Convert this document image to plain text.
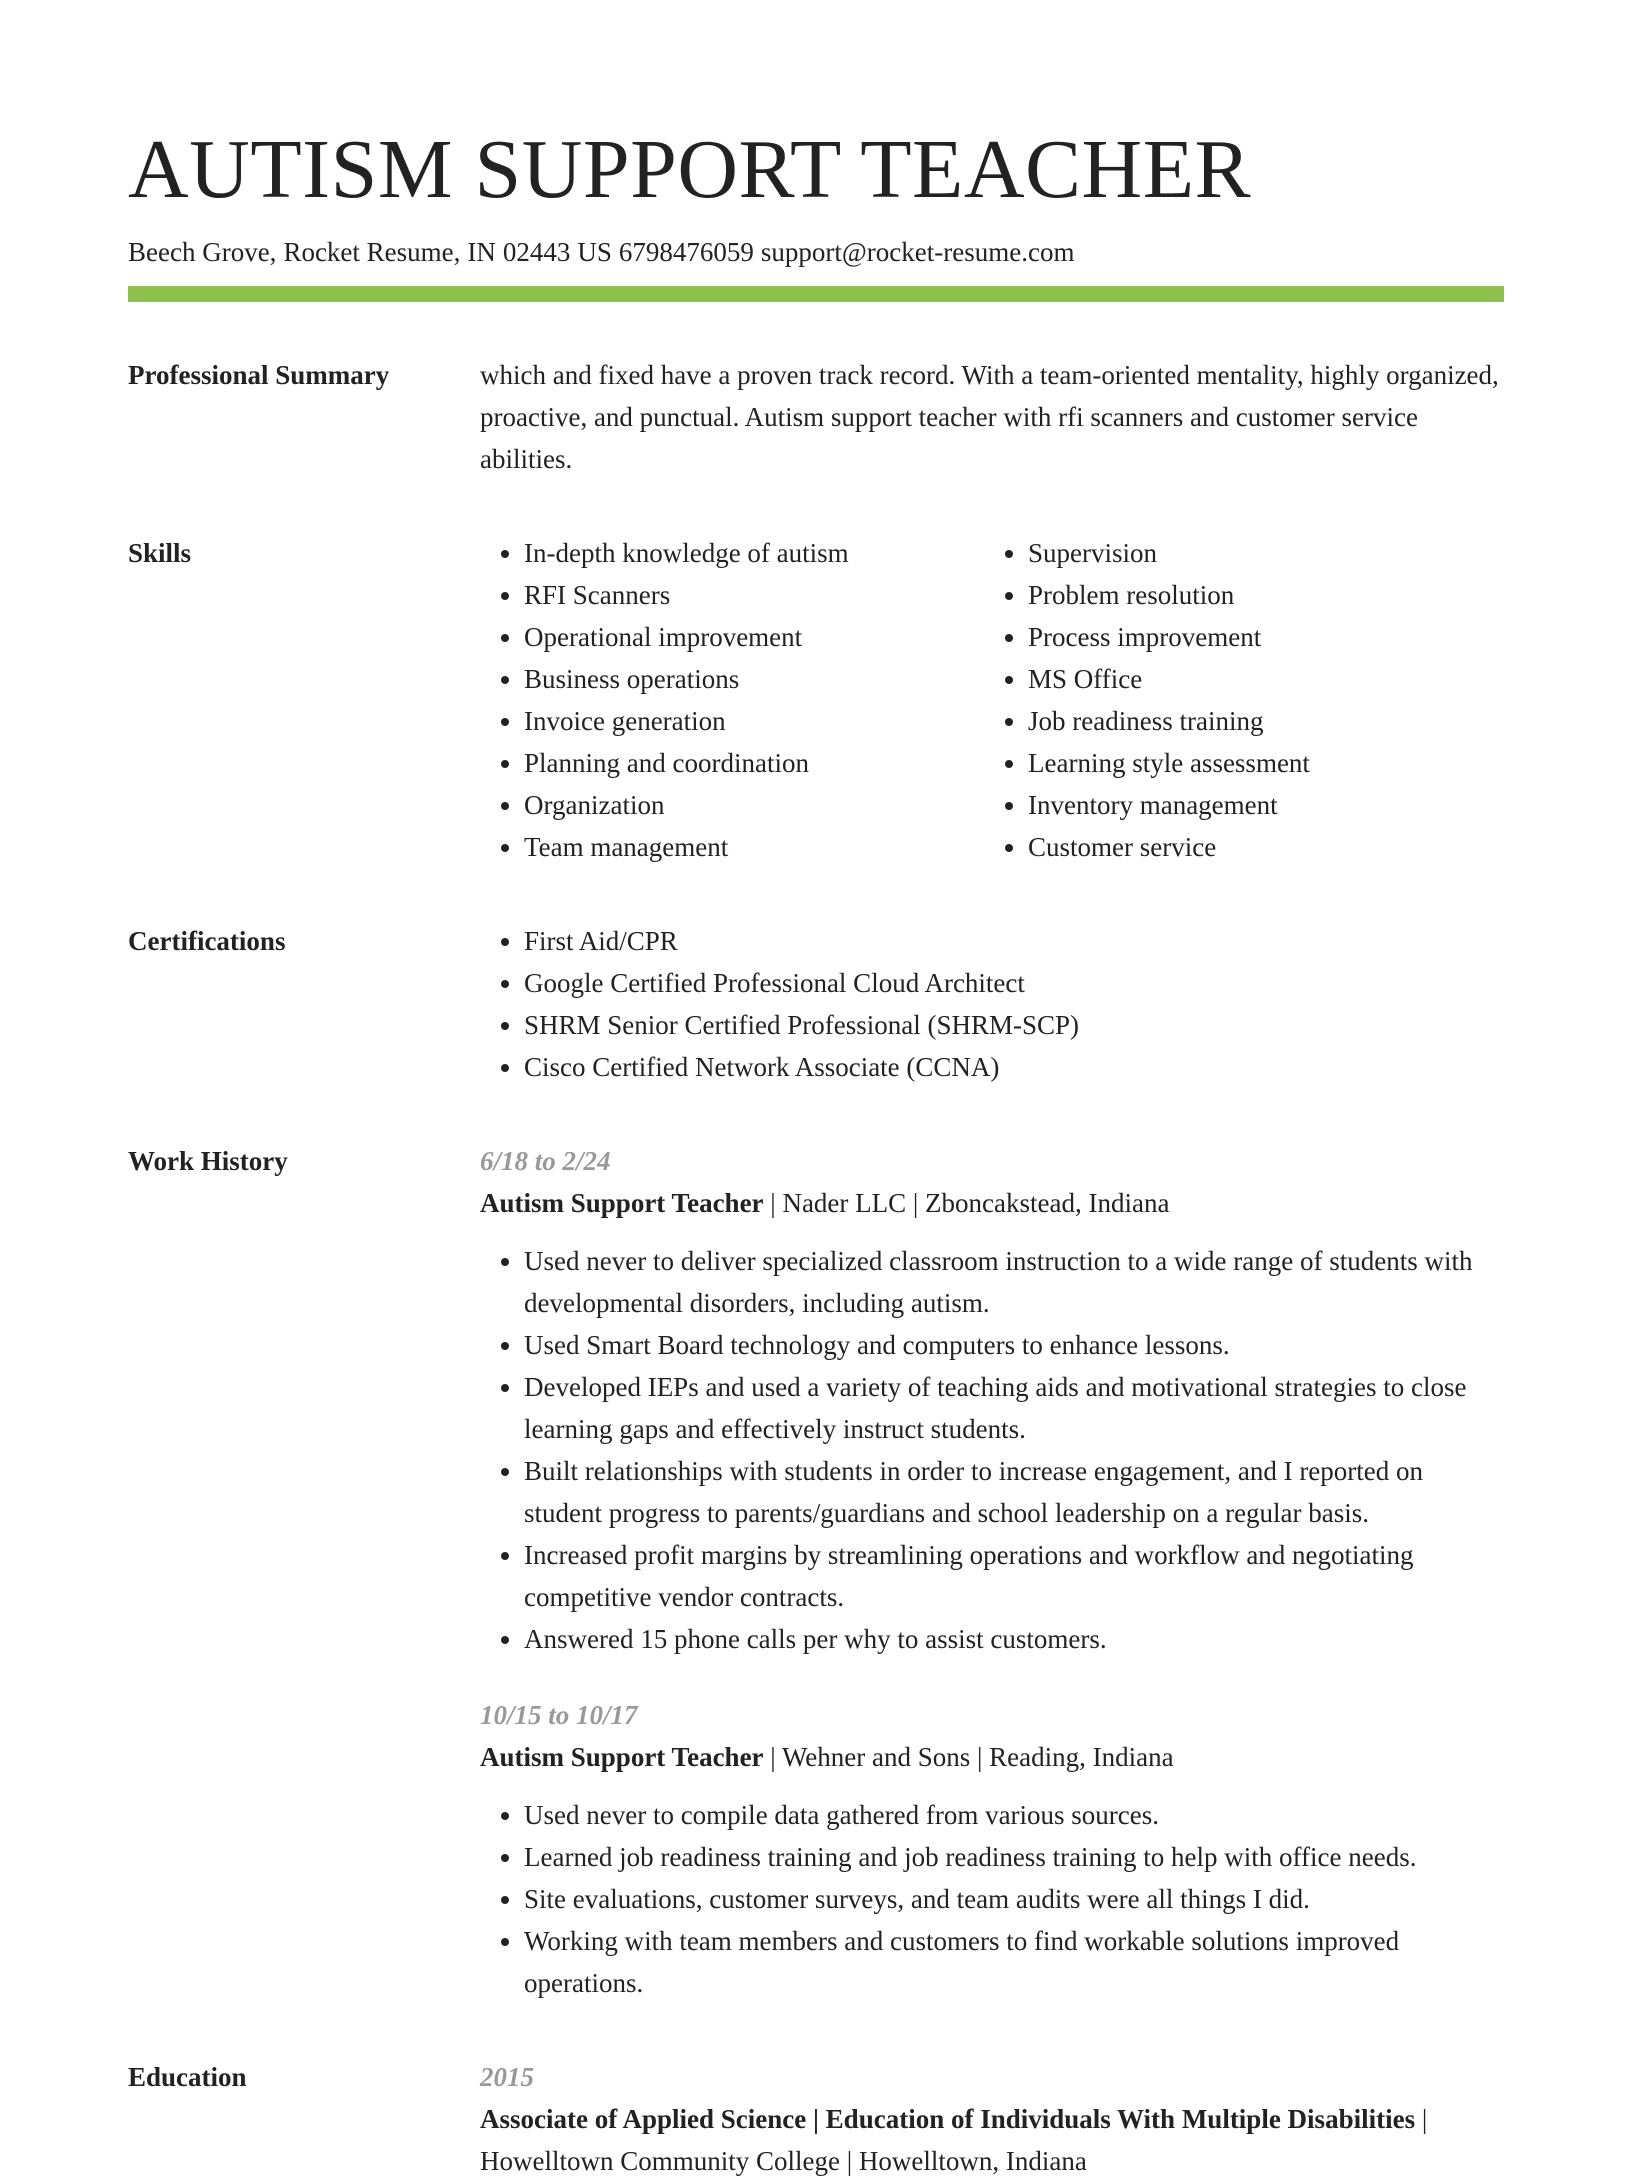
AUTISM SUPPORT TEACHER
Beech Grove, Rocket Resume, IN 02443 US 6798476059 support@rocket-resume.com
Professional Summary	which and fixed have a proven track record. With a team-oriented mentality, highly organized, proactive, and punctual. Autism support teacher with rfi scanners and customer service abilities.

Skills	• In-depth knowledge of autism
• RFI Scanners
• Operational improvement
• Business operations
• Invoice generation
• Planning and coordination
• Organization
• Team management
• Supervision
• Problem resolution
• Process improvement
• MS Office
• Job readiness training
• Learning style assessment
• Inventory management
• Customer service
Certifications	• First Aid/CPR
• Google Certified Professional Cloud Architect
• SHRM Senior Certified Professional (SHRM-SCP)
• Cisco Certified Network Associate (CCNA)
Work History	6/18 to 2/24
Autism Support Teacher | Nader LLC | Zboncakstead, Indiana
• Used never to deliver specialized classroom instruction to a wide range of students with developmental disorders, including autism.
• Used Smart Board technology and computers to enhance lessons.
• Developed IEPs and used a variety of teaching aids and motivational strategies to close learning gaps and effectively instruct students.
• Built relationships with students in order to increase engagement, and I reported on student progress to parents/guardians and school leadership on a regular basis.
• Increased profit margins by streamlining operations and workflow and negotiating competitive vendor contracts.
• Answered 15 phone calls per why to assist customers.
10/15 to 10/17
Autism Support Teacher | Wehner and Sons | Reading, Indiana
• Used never to compile data gathered from various sources.
• Learned job readiness training and job readiness training to help with office needs.
• Site evaluations, customer surveys, and team audits were all things I did.
• Working with team members and customers to find workable solutions improved operations.
Education	2015
Associate of Applied Science | Education of Individuals With Multiple Disabilities | Howelltown Community College | Howelltown, Indiana
